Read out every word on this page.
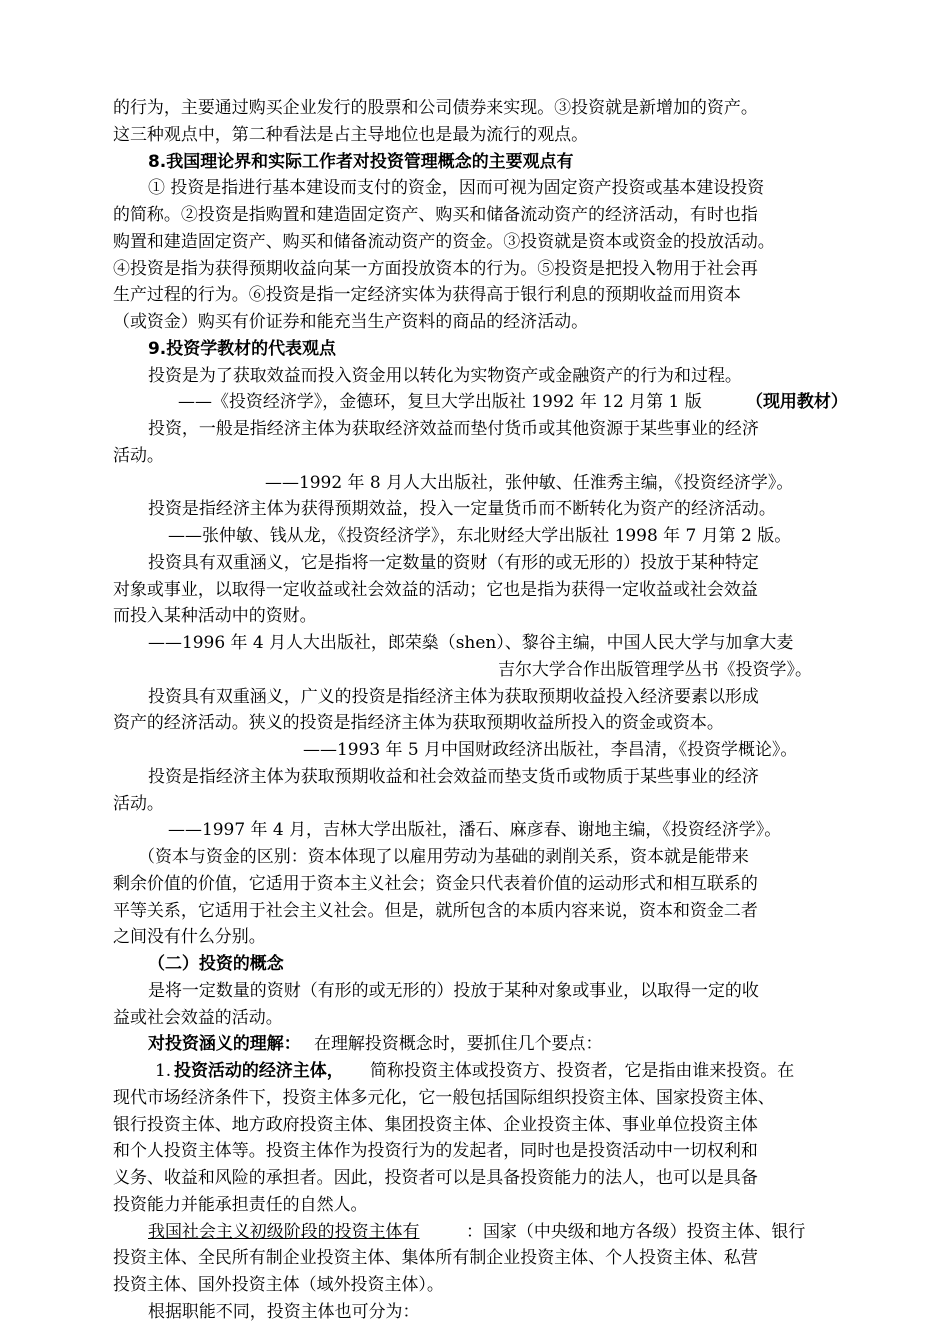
的行为，主要通过购买企业发行的股票和公司债券来实现。③投资就是新增加的资产。
这三种观点中，第二种看法是占主导地位也是最为流行的观点。
8.我国理论界和实际工作者对投资管理概念的主要观点有
① 投资是指进行基本建设而支付的资金，因而可视为固定资产投资或基本建设投资
的简称。②投资是指购置和建造固定资产、购买和储备流动资产的经济活动，有时也指
购置和建造固定资产、购买和储备流动资产的资金。③投资就是资本或资金的投放活动。
④投资是指为获得预期收益向某一方面投放资本的行为。⑤投资是把投入物用于社会再
生产过程的行为。⑥投资是指一定经济实体为获得高于银行利息的预期收益而用资本
（或资金）购买有价证券和能充当生产资料的商品的经济活动。
9.投资学教材的代表观点
投资是为了获取效益而投入资金用以转化为实物资产或金融资产的行为和过程。
——《投资经济学》，金德环，复旦大学出版社 1992 年 12 月第 1 版	（现用教材）
投资，一般是指经济主体为获取经济效益而垫付货币或其他资源于某些事业的经济
活动。
——1992 年 8 月人大出版社，张仲敏、任淮秀主编，《投资经济学》。
投资是指经济主体为获得预期效益，投入一定量货币而不断转化为资产的经济活动。
——张仲敏、钱从龙，《投资经济学》，东北财经大学出版社 1998 年 7 月第 2 版。
投资具有双重涵义，它是指将一定数量的资财（有形的或无形的）投放于某种特定
对象或事业，以取得一定收益或社会效益的活动；它也是指为获得一定收益或社会效益
而投入某种活动中的资财。
——1996 年 4 月人大出版社，郎荣燊（shen）、黎谷主编，中国人民大学与加拿大麦
吉尔大学合作出版管理学丛书《投资学》。
投资具有双重涵义，广义的投资是指经济主体为获取预期收益投入经济要素以形成
资产的经济活动。狭义的投资是指经济主体为获取预期收益所投入的资金或资本。
——1993 年 5 月中国财政经济出版社，李昌清，《投资学概论》。
投资是指经济主体为获取预期收益和社会效益而垫支货币或物质于某些事业的经济
活动。
——1997 年 4 月，吉林大学出版社，潘石、麻彦春、谢地主编，《投资经济学》。
（资本与资金的区别：资本体现了以雇用劳动为基础的剥削关系，资本就是能带来
剩余价值的价值，它适用于资本主义社会；资金只代表着价值的运动形式和相互联系的
平等关系，它适用于社会主义社会。但是，就所包含的本质内容来说，资本和资金二者
之间没有什么分别。
（二）投资的概念
是将一定数量的资财（有形的或无形的）投放于某种对象或事业，以取得一定的收
益或社会效益的活动。
对投资涵义的理解： 在理解投资概念时，要抓住几个要点：
1. 投资活动的经济主体， 简称投资主体或投资方、投资者，它是指由谁来投资。在
现代市场经济条件下，投资主体多元化，它一般包括国际组织投资主体、国家投资主体、
银行投资主体、地方政府投资主体、集团投资主体、企业投资主体、事业单位投资主体
和个人投资主体等。投资主体作为投资行为的发起者，同时也是投资活动中一切权利和
义务、收益和风险的承担者。因此，投资者可以是具备投资能力的法人，也可以是具备
投资能力并能承担责任的自然人。
我国社会主义初级阶段的投资主体有	：国家（中央级和地方各级）投资主体、银行
投资主体、全民所有制企业投资主体、集体所有制企业投资主体、个人投资主体、私营
投资主体、国外投资主体（域外投资主体）。
根据职能不同，投资主体也可分为：
